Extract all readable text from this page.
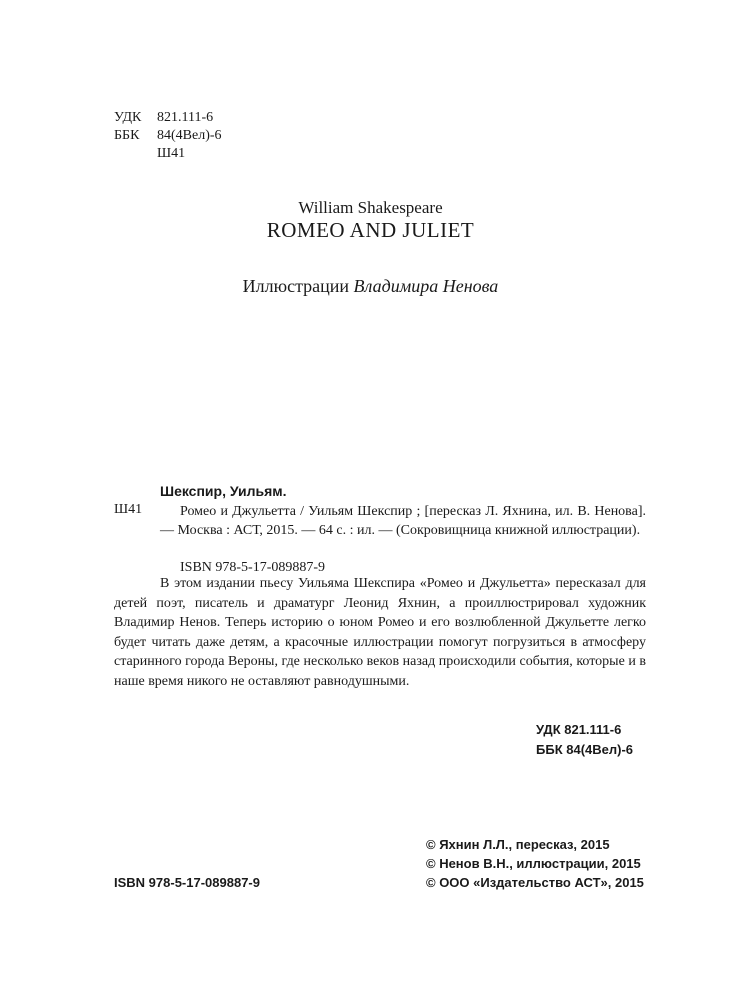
УДК 821.111-6
ББК 84(4Вел)-6
Ш41
William Shakespeare
ROMEO AND JULIET
Иллюстрации Владимира Ненова
Шекспир, Уильям.
Ш41	Ромео и Джульетта / Уильям Шекспир ; [пересказ Л. Яхнина, ил. В. Ненова]. — Москва : АСТ, 2015. — 64 с. : ил. — (Сокровищница книжной иллюстрации).
ISBN 978-5-17-089887-9
В этом издании пьесу Уильяма Шекспира «Ромео и Джульетта» пересказал для детей поэт, писатель и драматург Леонид Яхнин, а проиллюстрировал художник Владимир Ненов. Теперь историю о юном Ромео и его возлюбленной Джульетте легко будет читать даже детям, а красочные иллюстрации помогут погрузиться в атмосферу старинного города Вероны, где несколько веков назад происходили события, которые и в наше время никого не оставляют равнодушными.
УДК 821.111-6
ББК 84(4Вел)-6
© Яхнин Л.Л., пересказ, 2015
© Ненов В.Н., иллюстрации, 2015
© ООО «Издательство АСТ», 2015
ISBN 978-5-17-089887-9
